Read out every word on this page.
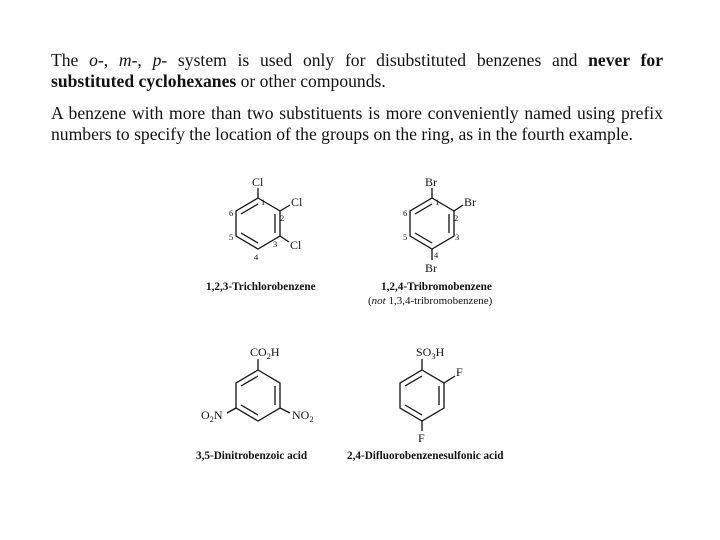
The o-, m-, p- system is used only for disubstituted benzenes and never for substituted cyclohexanes or other compounds.

A benzene with more than two substituents is more conveniently named using prefix numbers to specify the location of the groups on the ring, as in the fourth example.

Cl
Cl
Cl
1
2
3
4
5
6
Br
Br
Br
1
2
3
4
5
6
$CO_2H$
$O_2N$	$NO_2$
$SO_3H$
F
F
1,2,3-Trichlorobenzene	1,2,4-Tribromobenzene
(not 1,3,4-tribromobenzene)
3,5-Dinitrobenzoic acid	2,4-Difluorobenzenesulfonic acid
